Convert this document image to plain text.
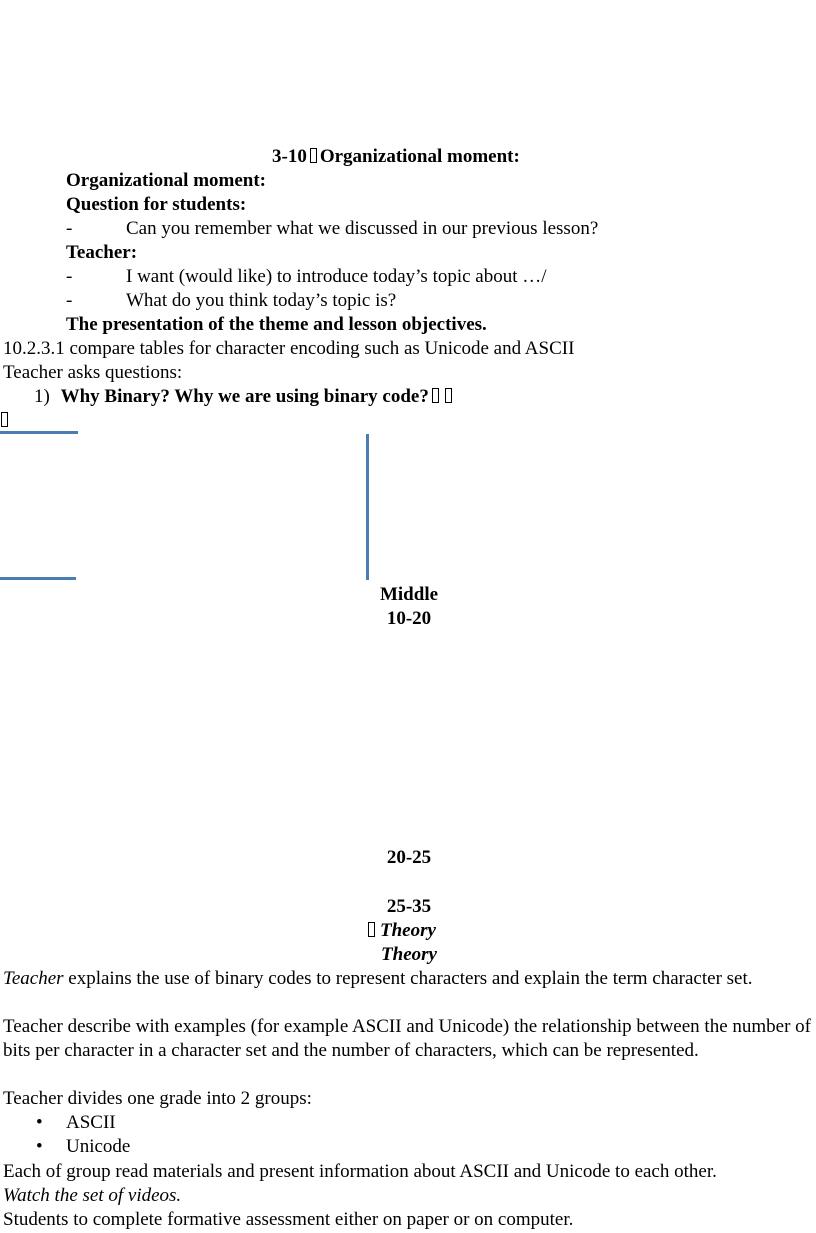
3-10 Organizational moment:
Organizational moment:
Question for students:
-	Can you remember what we discussed in our previous lesson?
Teacher:
-	I want (would like) to introduce today’s topic about …/
-	What do you think today’s topic is?
The presentation of the theme and lesson objectives.
10.2.3.1 compare tables for character encoding such as Unicode and ASCII
Teacher asks questions:
1) Why Binary? Why we are using binary code?
Middle
10-20
20-25
25-35
Theory
Theory
Teacher explains the use of binary codes to represent characters and explain the term character set.
Teacher describe with examples (for example ASCII and Unicode) the relationship between the number of bits per character in a character set and the number of characters, which can be represented.
Teacher divides one grade into 2 groups:
• ASCII
• Unicode
Each of group read materials and present information about ASCII and Unicode to each other.
Watch the set of videos.
Students to complete formative assessment either on paper or on computer.
